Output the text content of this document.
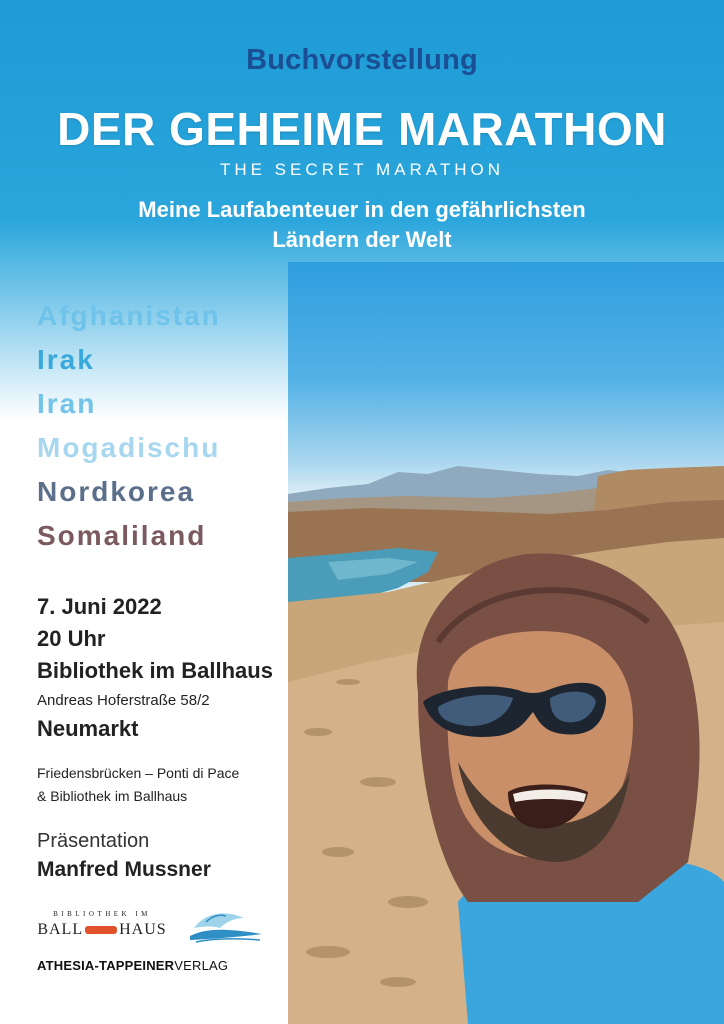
Buchvorstellung
DER GEHEIME MARATHON
THE SECRET MARATHON
Meine Laufabenteuer in den gefährlichsten
Ländern der Welt
Afghanistan
Irak
Iran
Mogadischu
Nordkorea
Somaliland
7. Juni 2022
20 Uhr
Bibliothek im Ballhaus
Andreas Hoferstraße 58/2
Neumarkt
Friedensbrücken – Ponti di Pace
& Bibliothek im Ballhaus
Präsentation
Manfred Mussner
BIBLIOTHEK IM
BALL HAUS
ATHESIA-TAPPEINERVERLAG
